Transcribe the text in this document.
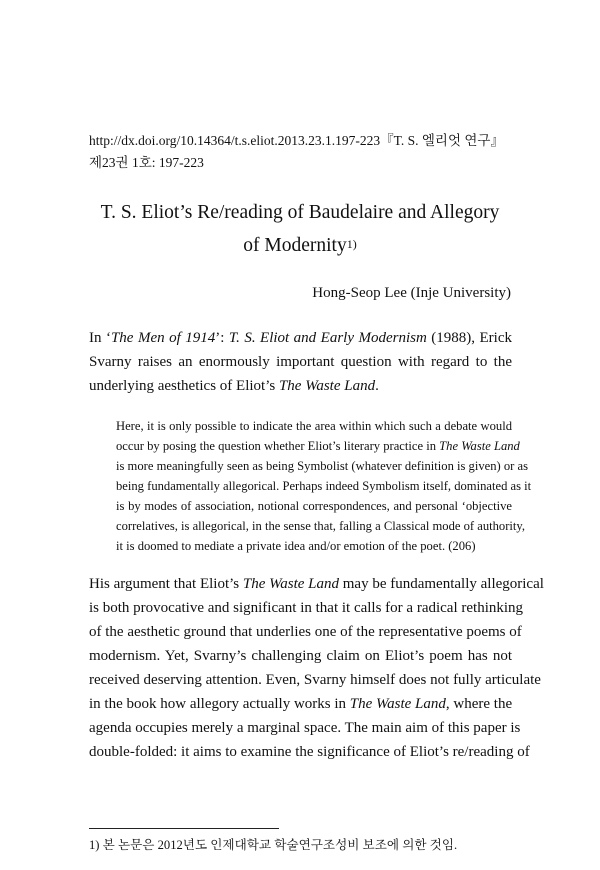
http://dx.doi.org/10.14364/t.s.eliot.2013.23.1.197-223『T. S. 엘리엇 연구』
제23권 1호: 197-223
T. S. Eliot’s Re/reading of Baudelaire and Allegory
of Modernity$^{1)}$
Hong-Seop Lee (Inje University)
In ‘The Men of 1914’: T. S. Eliot and Early Modernism (1988), Erick
Svarny raises an enormously important question with regard to the
underlying aesthetics of Eliot’s The Waste Land.
Here, it is only possible to indicate the area within which such a debate would
occur by posing the question whether Eliot’s literary practice in The Waste Land
is more meaningfully seen as being Symbolist (whatever definition is given) or as
being fundamentally allegorical. Perhaps indeed Symbolism itself, dominated as it
is by modes of association, notional correspondences, and personal ‘objective
correlatives, is allegorical, in the sense that, falling a Classical mode of authority,
it is doomed to mediate a private idea and/or emotion of the poet. (206)
His argument that Eliot’s The Waste Land may be fundamentally allegorical
is both provocative and significant in that it calls for a radical rethinking
of the aesthetic ground that underlies one of the representative poems of
modernism. Yet, Svarny’s challenging claim on Eliot’s poem has not
received deserving attention. Even, Svarny himself does not fully articulate
in the book how allegory actually works in The Waste Land, where the
agenda occupies merely a marginal space. The main aim of this paper is
double-folded: it aims to examine the significance of Eliot’s re/reading of
1) 본 논문은 2012년도 인제대학교 학술연구조성비 보조에 의한 것임.
